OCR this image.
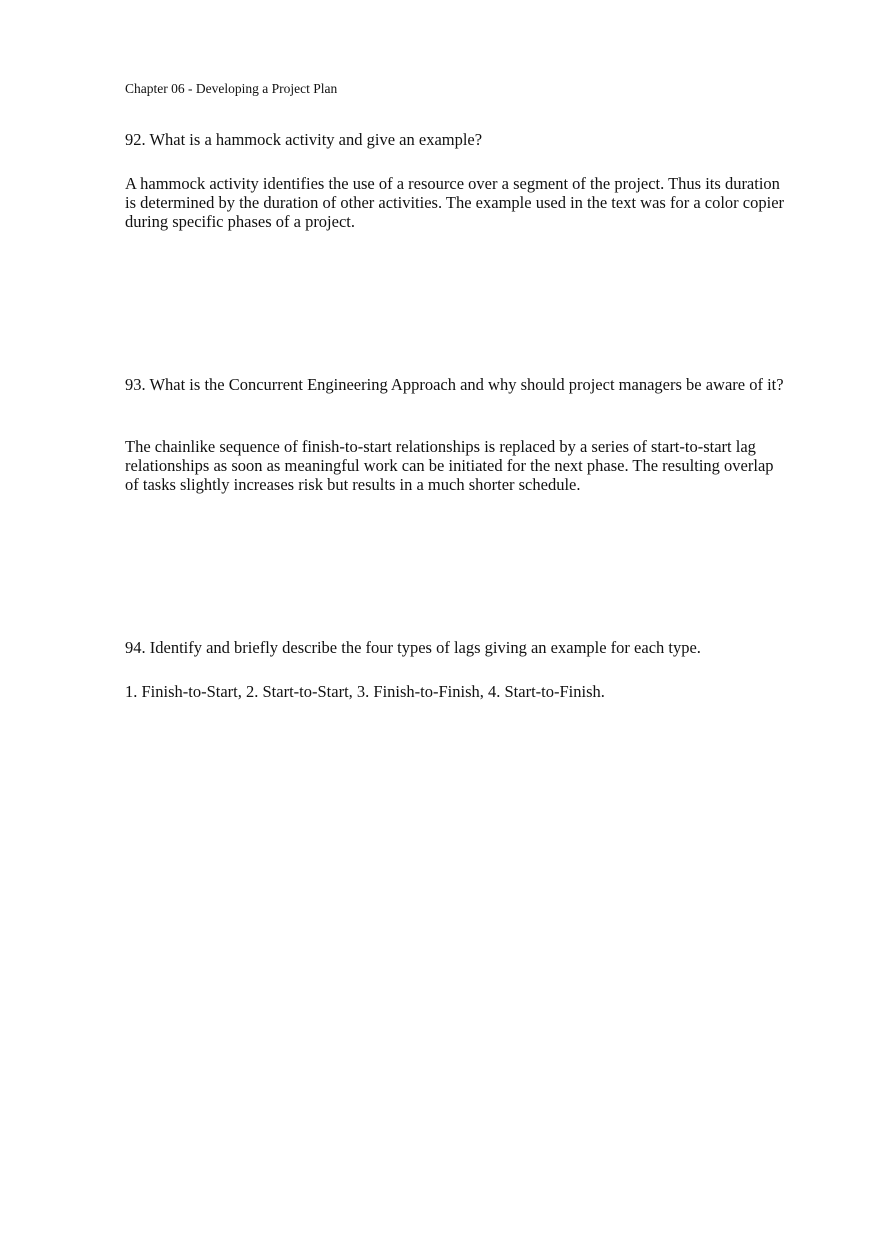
Chapter 06 - Developing a Project Plan
92. What is a hammock activity and give an example?
A hammock activity identifies the use of a resource over a segment of the project. Thus its duration is determined by the duration of other activities. The example used in the text was for a color copier during specific phases of a project.
93. What is the Concurrent Engineering Approach and why should project managers be aware of it?
The chainlike sequence of finish-to-start relationships is replaced by a series of start-to-start lag relationships as soon as meaningful work can be initiated for the next phase. The resulting overlap of tasks slightly increases risk but results in a much shorter schedule.
94. Identify and briefly describe the four types of lags giving an example for each type.
1. Finish-to-Start, 2. Start-to-Start, 3. Finish-to-Finish, 4. Start-to-Finish.
